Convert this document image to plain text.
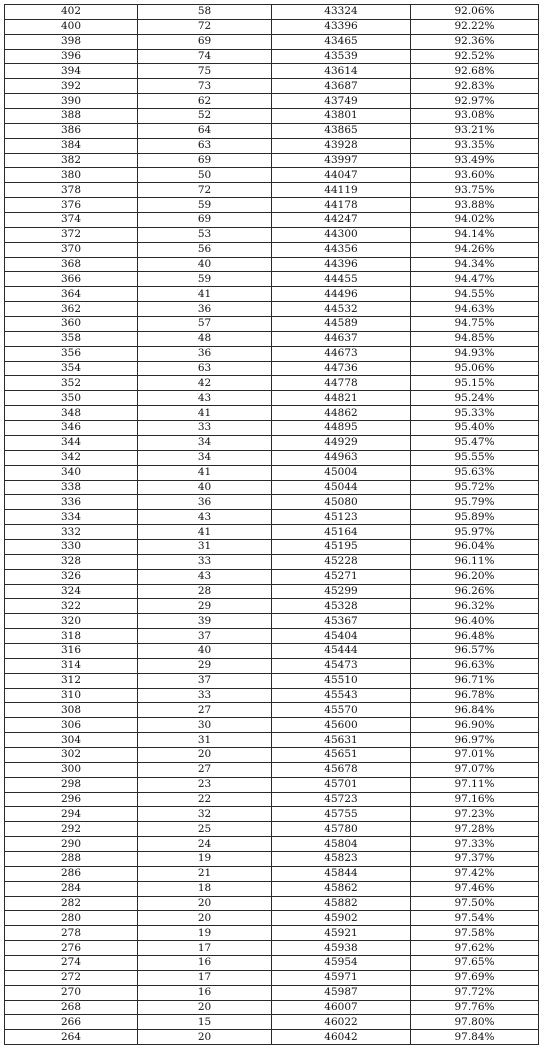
402	58	43324	92.06%
400	72	43396	92.22%
398	69	43465	92.36%
396	74	43539	92.52%
394	75	43614	92.68%
392	73	43687	92.83%
390	62	43749	92.97%
388	52	43801	93.08%
386	64	43865	93.21%
384	63	43928	93.35%
382	69	43997	93.49%
380	50	44047	93.60%
378	72	44119	93.75%
376	59	44178	93.88%
374	69	44247	94.02%
372	53	44300	94.14%
370	56	44356	94.26%
368	40	44396	94.34%
366	59	44455	94.47%
364	41	44496	94.55%
362	36	44532	94.63%
360	57	44589	94.75%
358	48	44637	94.85%
356	36	44673	94.93%
354	63	44736	95.06%
352	42	44778	95.15%
350	43	44821	95.24%
348	41	44862	95.33%
346	33	44895	95.40%
344	34	44929	95.47%
342	34	44963	95.55%
340	41	45004	95.63%
338	40	45044	95.72%
336	36	45080	95.79%
334	43	45123	95.89%
332	41	45164	95.97%
330	31	45195	96.04%
328	33	45228	96.11%
326	43	45271	96.20%
324	28	45299	96.26%
322	29	45328	96.32%
320	39	45367	96.40%
318	37	45404	96.48%
316	40	45444	96.57%
314	29	45473	96.63%
312	37	45510	96.71%
310	33	45543	96.78%
308	27	45570	96.84%
306	30	45600	96.90%
304	31	45631	96.97%
302	20	45651	97.01%
300	27	45678	97.07%
298	23	45701	97.11%
296	22	45723	97.16%
294	32	45755	97.23%
292	25	45780	97.28%
290	24	45804	97.33%
288	19	45823	97.37%
286	21	45844	97.42%
284	18	45862	97.46%
282	20	45882	97.50%
280	20	45902	97.54%
278	19	45921	97.58%
276	17	45938	97.62%
274	16	45954	97.65%
272	17	45971	97.69%
270	16	45987	97.72%
268	20	46007	97.76%
266	15	46022	97.80%
264	20	46042	97.84%
